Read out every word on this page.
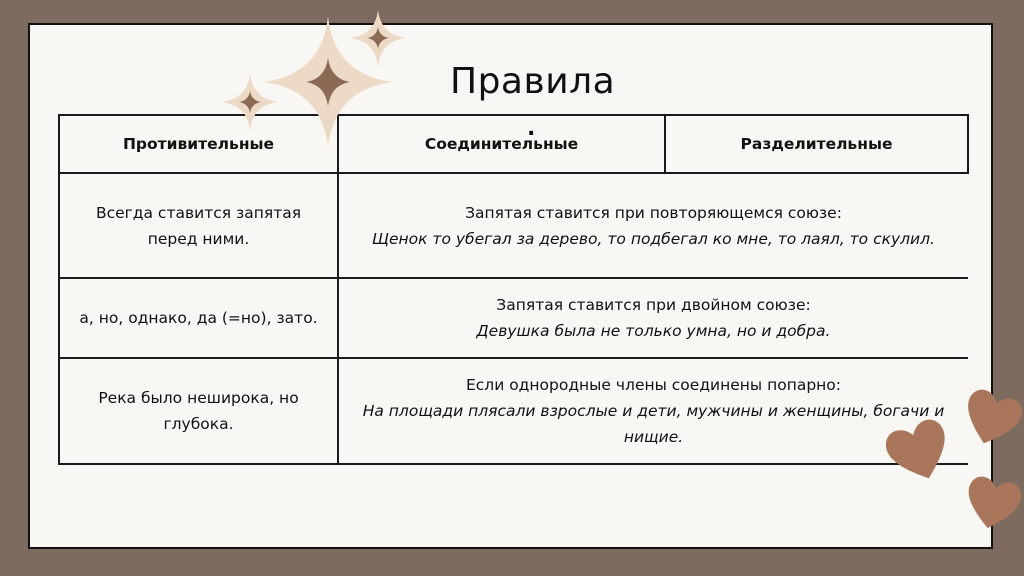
Правила
.
Противительные	Соединительные	Разделительные
Всегда ставится запятая перед ними.	Запятая ставится при повторяющемся союзе:
Щенок то убегал за дерево, то подбегал ко мне, то лаял, то скулил.	

а, но, однако, да (=но), зато.	Запятая ставится при двойном союзе:
Девушка была не только умна, но и добра.	

Река было неширока, но глубока.	Если однородные члены соединены попарно:
На площади плясали взрослые и дети, мужчины и женщины, богачи и нищие.	
